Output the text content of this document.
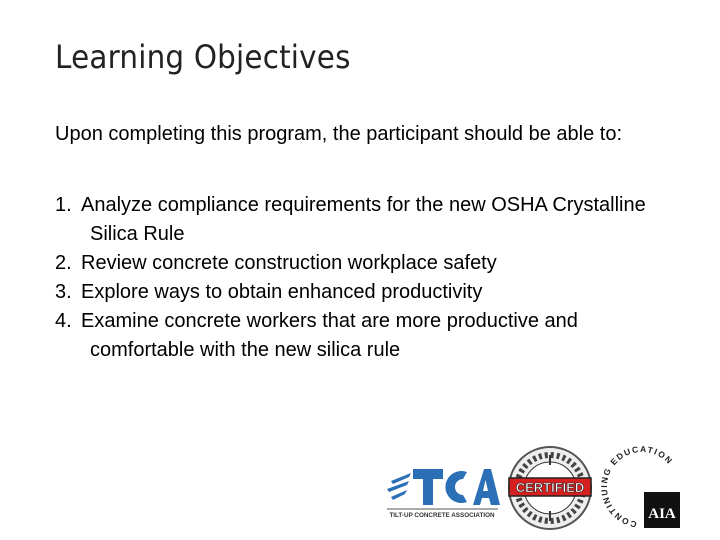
Learning Objectives
Upon completing this program, the participant should be able to:
1. Analyze compliance requirements for the new OSHA Crystalline Silica Rule
2. Review concrete construction workplace safety
3. Explore ways to obtain enhanced productivity
4. Examine concrete workers that are more productive and comfortable with the new silica rule
TILT-UP CONCRETE ASSOCIATION
CERTIFIED
CONTINUING EDUCATION
AIA
